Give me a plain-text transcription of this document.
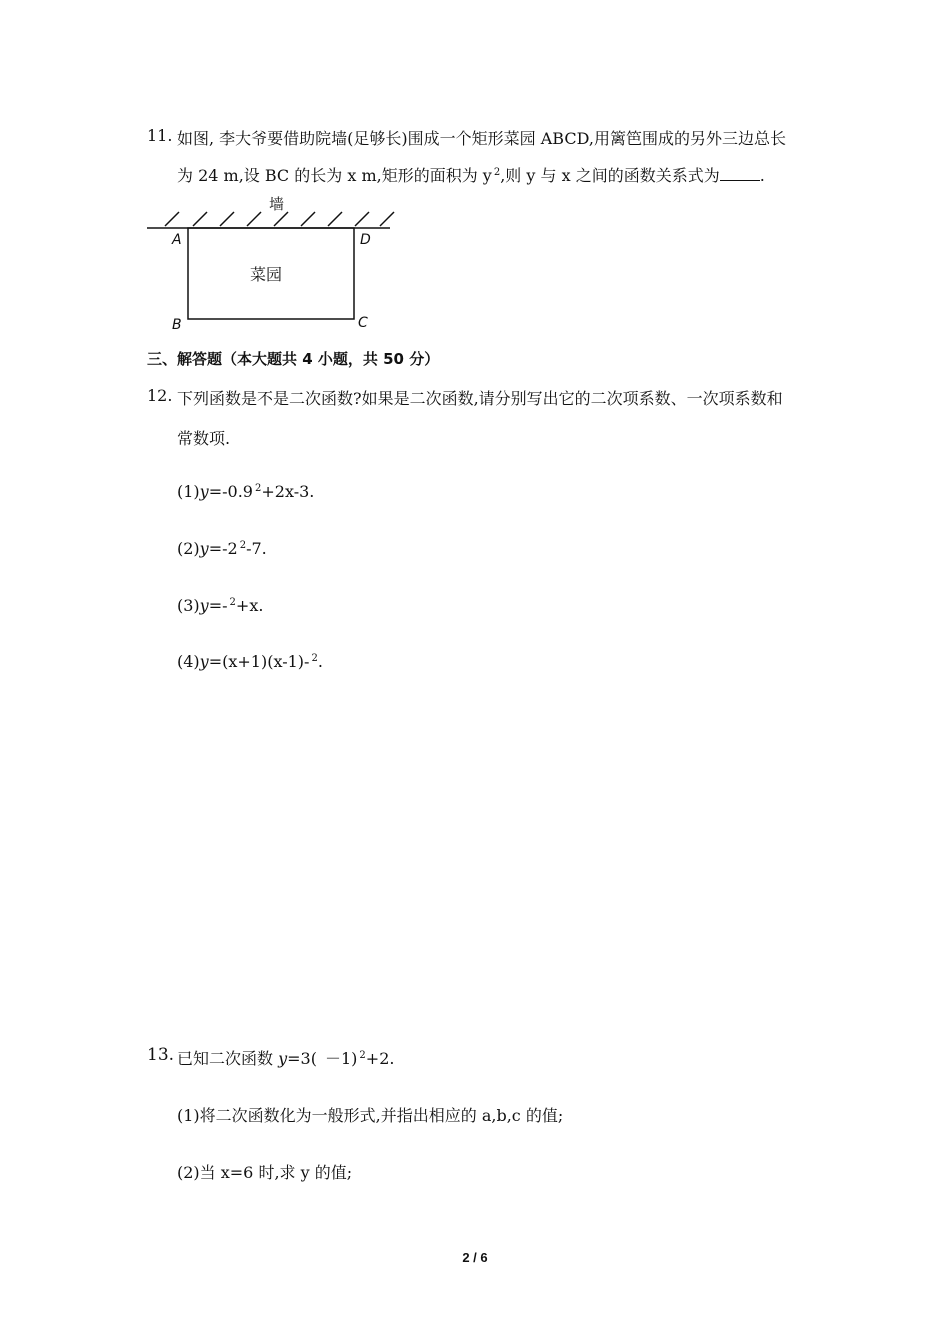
11. 如图, 李大爷要借助院墙(足够长)围成一个矩形菜园 ABCD,用篱笆围成的另外三边总长
为 24 m,设 BC 的长为 x m,矩形的面积为 y $^2$,则 y 与 x 之间的函数关系式为	.
墙
菜园
A
B	C
D
三、解答题（本大题共 4 小题，共 50 分）
12. 下列函数是不是二次函数?如果是二次函数,请分别写出它的二次项系数、一次项系数和
常数项.
(1)y=-0.9 $^2$+2x-3.
(2)y=-2 $^2$-7.
(3)y=- $^2$+x.
(4)y=(x+1)(x-1)- $^2$.
13. 已知二次函数 y=3( －1) $^2$+2.
(1)将二次函数化为一般形式,并指出相应的 a,b,c 的值;
(2)当 x=6 时,求 y 的值;
2 / 6
